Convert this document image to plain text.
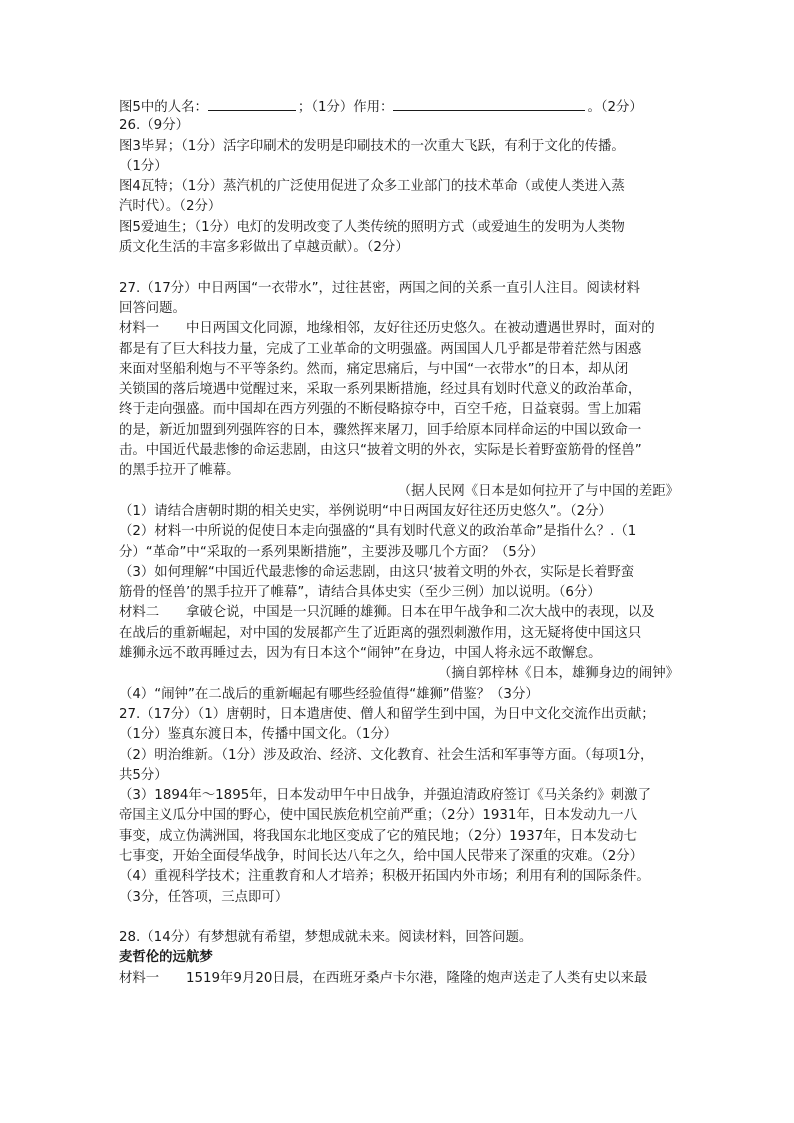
图5中的人名：	；（1分）作用：	。（2分）
26.（9分）
图3毕昇；（1分）活字印刷术的发明是印刷技术的一次重大飞跃，有利于文化的传播。
（1分）
图4瓦特；（1分）蒸汽机的广泛使用促进了众多工业部门的技术革命（或使人类进入蒸
汽时代）。（2分）
图5爱迪生；（1分）电灯的发明改变了人类传统的照明方式（或爱迪生的发明为人类物
质文化生活的丰富多彩做出了卓越贡献）。（2分）
27.（17分）中日两国“一衣带水”，过往甚密，两国之间的关系一直引人注目。阅读材料
回答问题。
材料一　　中日两国文化同源，地缘相邻，友好往还历史悠久。在被动遭遇世界时，面对的
都是有了巨大科技力量，完成了工业革命的文明强盛。两国国人几乎都是带着茫然与困惑
来面对坚船利炮与不平等条约。然而，痛定思痛后，与中国“一衣带水”的日本，却从闭
关锁国的落后境遇中觉醒过来，采取一系列果断措施，经过具有划时代意义的政治革命，
终于走向强盛。而中国却在西方列强的不断侵略掠夺中，百空千疮，日益衰弱。雪上加霜
的是，新近加盟到列强阵容的日本，骤然挥来屠刀，回手给原本同样命运的中国以致命一
击。中国近代最悲惨的命运悲剧，由这只“披着文明的外衣，实际是长着野蛮筋骨的怪兽”
的黑手拉开了帷幕。
（据人民网《日本是如何拉开了与中国的差距》
（1）请结合唐朝时期的相关史实，举例说明“中日两国友好往还历史悠久”。（2分）
（2）材料一中所说的促使日本走向强盛的“具有划时代意义的政治革命”是指什么？.（1
分）“革命”中“采取的一系列果断措施”，主要涉及哪几个方面？（5分）
（3）如何理解“中国近代最悲惨的命运悲剧，由这只‘披着文明的外衣，实际是长着野蛮
筋骨的怪兽’的黑手拉开了帷幕”，请结合具体史实（至少三例）加以说明。（6分）
材料二　　拿破仑说，中国是一只沉睡的雄狮。日本在甲午战争和二次大战中的表现，以及
在战后的重新崛起，对中国的发展都产生了近距离的强烈刺激作用，这无疑将使中国这只
雄狮永远不敢再睡过去，因为有日本这个“闹钟”在身边，中国人将永远不敢懈怠。
（摘自郭梓林《日本，雄狮身边的闹钟》
（4）“闹钟”在二战后的重新崛起有哪些经验值得“雄狮”借鉴？（3分）
27.（17分）（1）唐朝时，日本遣唐使、僧人和留学生到中国，为日中文化交流作出贡献；
（1分）鉴真东渡日本，传播中国文化。（1分）
（2）明治维新。（1分）涉及政治、经济、文化教育、社会生活和军事等方面。（每项1分，
共5分）
（3）1894年～1895年，日本发动甲午中日战争，并强迫清政府签订《马关条约》刺激了
帝国主义瓜分中国的野心，使中国民族危机空前严重；（2分）1931年，日本发动九一八
事变，成立伪满洲国，将我国东北地区变成了它的殖民地；（2分）1937年，日本发动七
七事变，开始全面侵华战争，时间长达八年之久，给中国人民带来了深重的灾难。（2分）
（4）重视科学技术；注重教育和人才培养；积极开拓国内外市场；利用有利的国际条件。
（3分，任答项，三点即可）
28.（14分）有梦想就有希望，梦想成就未来。阅读材料，回答问题。
麦哲伦的远航梦
材料一　　1519年9月20日晨，在西班牙桑卢卡尔港，隆隆的炮声送走了人类有史以来最
